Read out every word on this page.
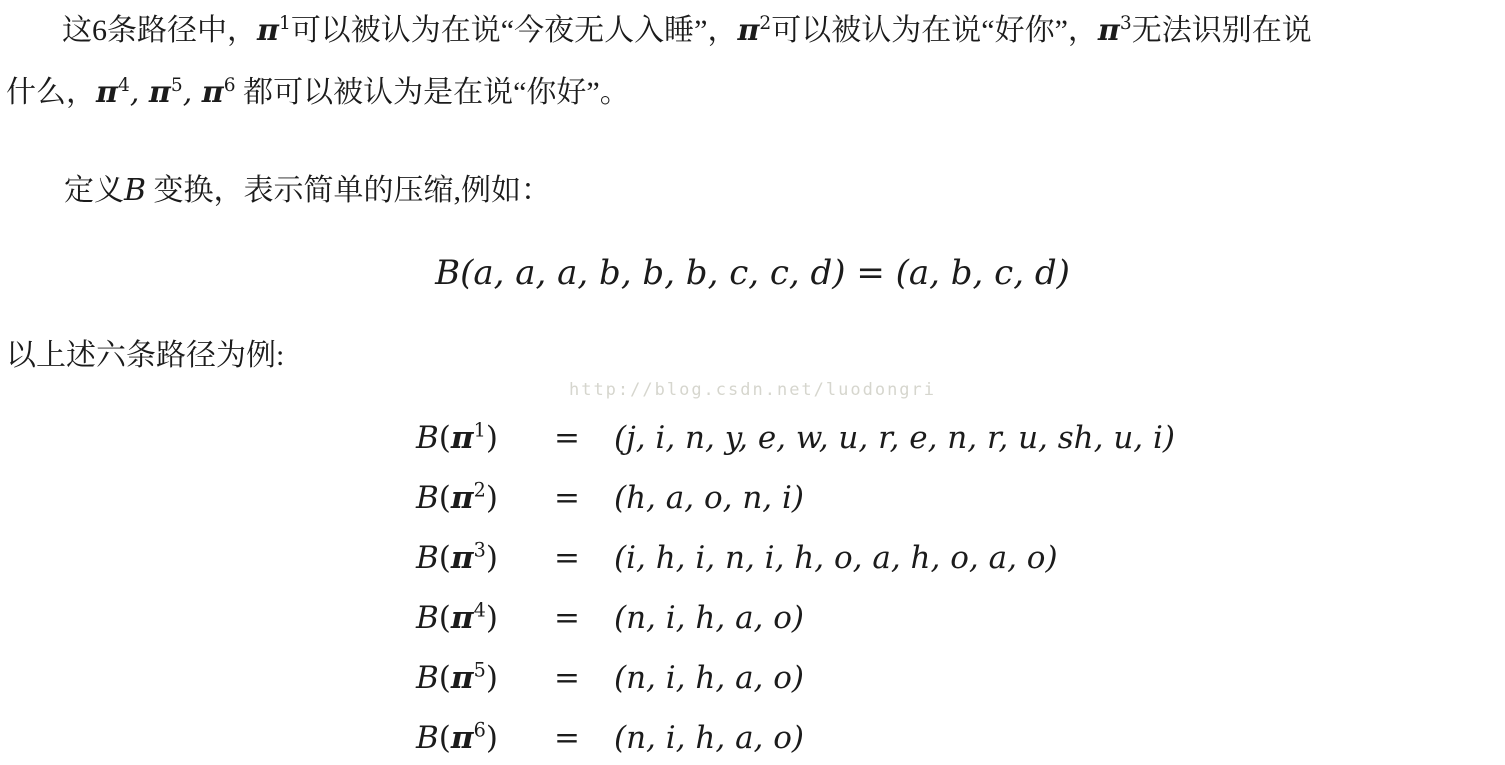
这6条路径中，$\pi^1$可以被认为在说“今夜无人入睡”，$\pi^2$可以被认为在说“好你”，$\pi^3$无法识别在说
什么，$\pi^4$, $\pi^5$, $\pi^6$ 都可以被认为是在说“你好”。
定义B 变换，表示简单的压缩,例如：
B(a, a, a, b, b, b, c, c, d) = (a, b, c, d)
以上述六条路径为例:
http://blog.csdn.net/luodongri
$B(\pi^1)$	=	(j, i, n, y, e, w, u, r, e, n, r, u, sh, u, i)
$B(\pi^2)$	=	(h, a, o, n, i)
$B(\pi^3)$	=	(i, h, i, n, i, h, o, a, h, o, a, o)
$B(\pi^4)$	=	(n, i, h, a, o)
$B(\pi^5)$	=	(n, i, h, a, o)
$B(\pi^6)$	=	(n, i, h, a, o)
